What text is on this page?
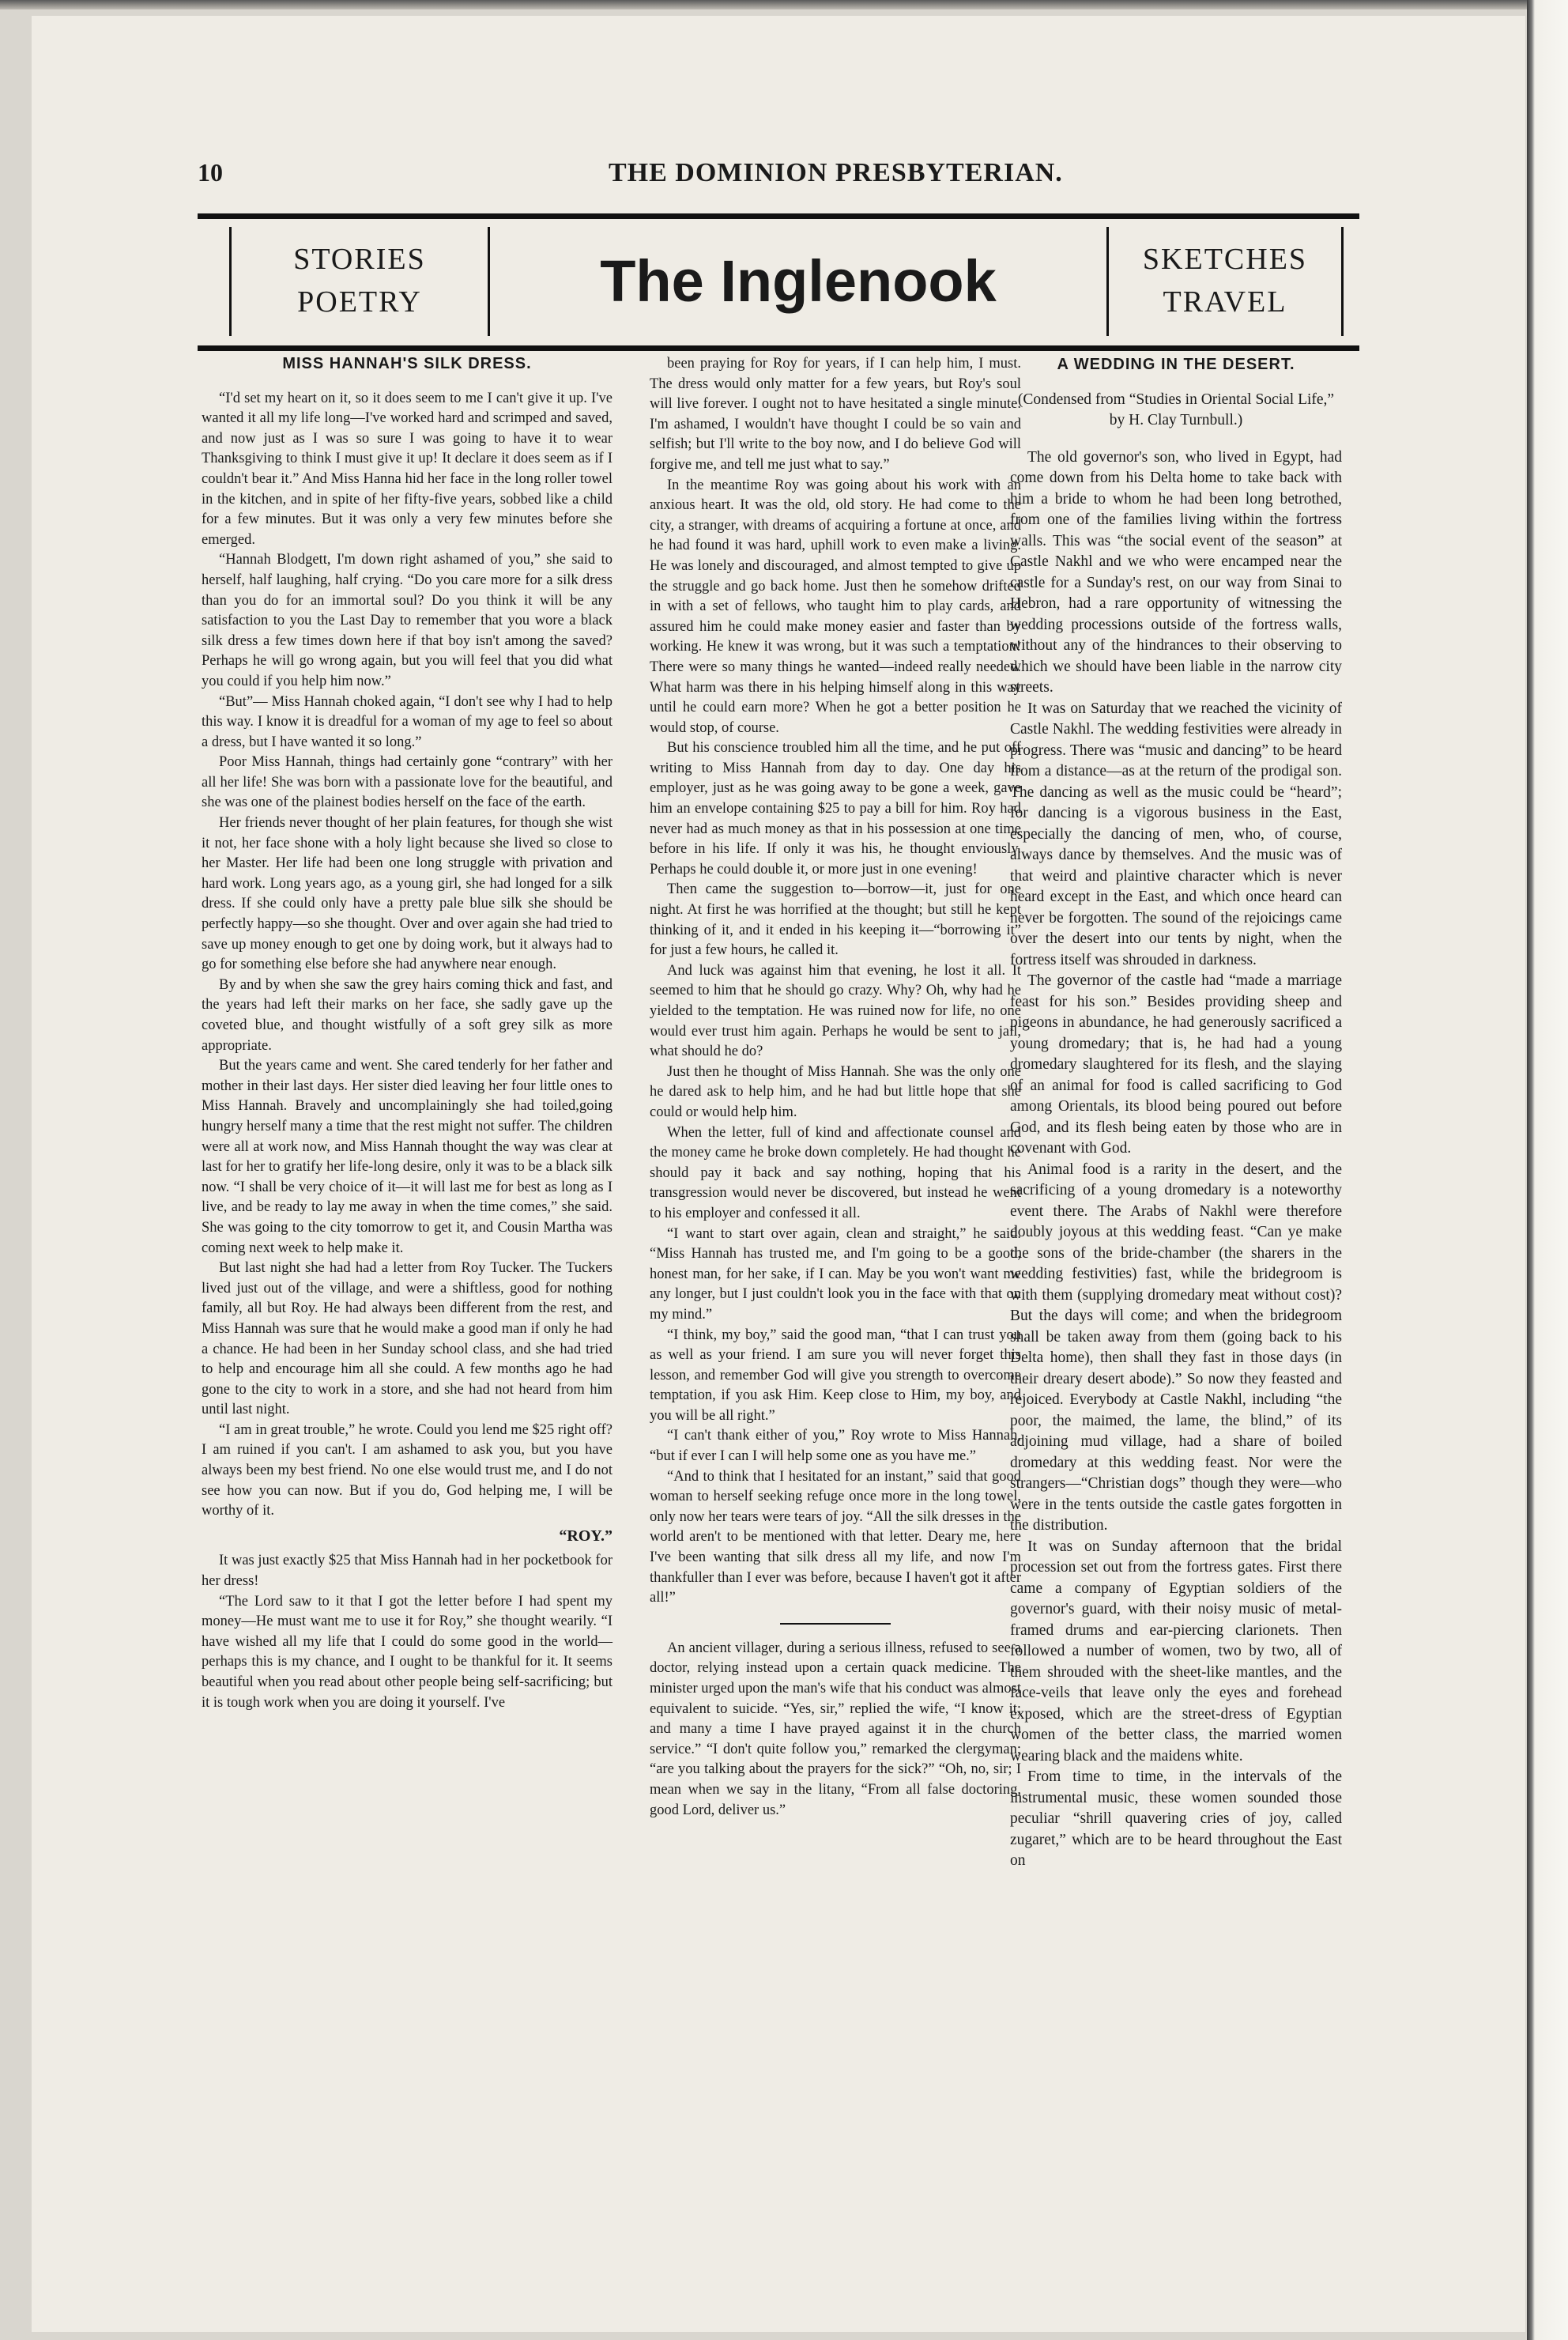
10	THE DOMINION PRESBYTERIAN.
STORIES
POETRY	The Inglenook	SKETCHES
TRAVEL
MISS HANNAH'S SILK DRESS.

“I'd set my heart on it, so it does seem to me I can't give it up. I've wanted it all my life long—I've worked hard and scrimped and saved, and now just as I was so sure I was going to have it to wear Thanksgiving to think I must give it up! It declare it does seem as if I couldn't bear it.” And Miss Hanna hid her face in the long roller towel in the kitchen, and in spite of her fifty-five years, sobbed like a child for a few minutes. But it was only a very few minutes before she emerged.

“Hannah Blodgett, I'm down right ashamed of you,” she said to herself, half laughing, half crying. “Do you care more for a silk dress than you do for an immortal soul? Do you think it will be any satisfaction to you the Last Day to remember that you wore a black silk dress a few times down here if that boy isn't among the saved? Perhaps he will go wrong again, but you will feel that you did what you could if you help him now.”

“But”— Miss Hannah choked again, “I don't see why I had to help this way. I know it is dreadful for a woman of my age to feel so about a dress, but I have wanted it so long.”

Poor Miss Hannah, things had certainly gone “contrary” with her all her life! She was born with a passionate love for the beautiful, and she was one of the plainest bodies herself on the face of the earth.

Her friends never thought of her plain features, for though she wist it not, her face shone with a holy light because she lived so close to her Master. Her life had been one long struggle with privation and hard work. Long years ago, as a young girl, she had longed for a silk dress. If she could only have a pretty pale blue silk she should be perfectly happy—so she thought. Over and over again she had tried to save up money enough to get one by doing work, but it always had to go for something else before she had anywhere near enough.

By and by when she saw the grey hairs coming thick and fast, and the years had left their marks on her face, she sadly gave up the coveted blue, and thought wistfully of a soft grey silk as more appropriate.

But the years came and went. She cared tenderly for her father and mother in their last days. Her sister died leaving her four little ones to Miss Hannah. Bravely and uncomplainingly she had toiled,going hungry herself many a time that the rest might not suffer. The children were all at work now, and Miss Hannah thought the way was clear at last for her to gratify her life-long desire, only it was to be a black silk now. “I shall be very choice of it—it will last me for best as long as I live, and be ready to lay me away in when the time comes,” she said. She was going to the city tomorrow to get it, and Cousin Martha was coming next week to help make it.

But last night she had had a letter from Roy Tucker. The Tuckers lived just out of the village, and were a shiftless, good for nothing family, all but Roy. He had always been different from the rest, and Miss Hannah was sure that he would make a good man if only he had a chance. He had been in her Sunday school class, and she had tried to help and encourage him all she could. A few months ago he had gone to the city to work in a store, and she had not heard from him until last night.

“I am in great trouble,” he wrote. Could you lend me $25 right off? I am ruined if you can't. I am ashamed to ask you, but you have always been my best friend. No one else would trust me, and I do not see how you can now. But if you do, God helping me, I will be worthy of it.

“ROY.”

It was just exactly $25 that Miss Hannah had in her pocketbook for her dress!

“The Lord saw to it that I got the letter before I had spent my money—He must want me to use it for Roy,” she thought wearily. “I have wished all my life that I could do some good in the world—perhaps this is my chance, and I ought to be thankful for it. It seems beautiful when you read about other people being self-sacrificing; but it is tough work when you are doing it yourself. I've

been praying for Roy for years, if I can help him, I must. The dress would only matter for a few years, but Roy's soul will live forever. I ought not to have hesitated a single minute. I'm ashamed, I wouldn't have thought I could be so vain and selfish; but I'll write to the boy now, and I do believe God will forgive me, and tell me just what to say.”

In the meantime Roy was going about his work with an anxious heart. It was the old, old story. He had come to the city, a stranger, with dreams of acquiring a fortune at once, and he had found it was hard, uphill work to even make a living. He was lonely and discouraged, and almost tempted to give up the struggle and go back home. Just then he somehow drifted in with a set of fellows, who taught him to play cards, and assured him he could make money easier and faster than by working. He knew it was wrong, but it was such a temptation! There were so many things he wanted—indeed really needed. What harm was there in his helping himself along in this way until he could earn more? When he got a better position he would stop, of course.

But his conscience troubled him all the time, and he put off writing to Miss Hannah from day to day. One day his employer, just as he was going away to be gone a week, gave him an envelope containing $25 to pay a bill for him. Roy had never had as much money as that in his possession at one time before in his life. If only it was his, he thought enviously. Perhaps he could double it, or more just in one evening!

Then came the suggestion to—borrow—it, just for one night. At first he was horrified at the thought; but still he kept thinking of it, and it ended in his keeping it—“borrowing it” for just a few hours, he called it.

And luck was against him that evening, he lost it all. It seemed to him that he should go crazy. Why? Oh, why had he yielded to the temptation. He was ruined now for life, no one would ever trust him again. Perhaps he would be sent to jail, what should he do?

Just then he thought of Miss Hannah. She was the only one he dared ask to help him, and he had but little hope that she could or would help him.

When the letter, full of kind and affectionate counsel and the money came he broke down completely. He had thought he should pay it back and say nothing, hoping that his transgression would never be discovered, but instead he went to his employer and confessed it all.

“I want to start over again, clean and straight,” he said. “Miss Hannah has trusted me, and I'm going to be a good, honest man, for her sake, if I can. May be you won't want me any longer, but I just couldn't look you in the face with that on my mind.”

“I think, my boy,” said the good man, “that I can trust you as well as your friend. I am sure you will never forget this lesson, and remember God will give you strength to overcome temptation, if you ask Him. Keep close to Him, my boy, and you will be all right.”

“I can't thank either of you,” Roy wrote to Miss Hannah, “but if ever I can I will help some one as you have me.”

“And to think that I hesitated for an instant,” said that good woman to herself seeking refuge once more in the long towel, only now her tears were tears of joy. “All the silk dresses in the world aren't to be mentioned with that letter. Deary me, here I've been wanting that silk dress all my life, and now I'm thankfuller than I ever was before, because I haven't got it after all!”

An ancient villager, during a serious illness, refused to see a doctor, relying instead upon a certain quack medicine. The minister urged upon the man's wife that his conduct was almost equivalent to suicide. “Yes, sir,” replied the wife, “I know it; and many a time I have prayed against it in the church service.” “I don't quite follow you,” remarked the clergyman; “are you talking about the prayers for the sick?” “Oh, no, sir; I mean when we say in the litany, “From all false doctoring, good Lord, deliver us.”

A WEDDING IN THE DESERT.

(Condensed from “Studies in Oriental Social Life,” by H. Clay Turnbull.)

The old governor's son, who lived in Egypt, had come down from his Delta home to take back with him a bride to whom he had been long betrothed, from one of the families living within the fortress walls. This was “the social event of the season” at Castle Nakhl and we who were encamped near the castle for a Sunday's rest, on our way from Sinai to Hebron, had a rare opportunity of witnessing the wedding processions outside of the fortress walls, without any of the hindrances to their observing to which we should have been liable in the narrow city streets.

It was on Saturday that we reached the vicinity of Castle Nakhl. The wedding festivities were already in progress. There was “music and dancing” to be heard from a distance—as at the return of the prodigal son. The dancing as well as the music could be “heard”; for dancing is a vigorous business in the East, especially the dancing of men, who, of course, always dance by themselves. And the music was of that weird and plaintive character which is never heard except in the East, and which once heard can never be forgotten. The sound of the rejoicings came over the desert into our tents by night, when the fortress itself was shrouded in darkness.

The governor of the castle had “made a marriage feast for his son.” Besides providing sheep and pigeons in abundance, he had generously sacrificed a young dromedary; that is, he had had a young dromedary slaughtered for its flesh, and the slaying of an animal for food is called sacrificing to God among Orientals, its blood being poured out before God, and its flesh being eaten by those who are in covenant with God.

Animal food is a rarity in the desert, and the sacrificing of a young dromedary is a noteworthy event there. The Arabs of Nakhl were therefore doubly joyous at this wedding feast. “Can ye make the sons of the bride-chamber (the sharers in the wedding festivities) fast, while the bridegroom is with them (supplying dromedary meat without cost)? But the days will come; and when the bridegroom shall be taken away from them (going back to his Delta home), then shall they fast in those days (in their dreary desert abode).” So now they feasted and rejoiced. Everybody at Castle Nakhl, including “the poor, the maimed, the lame, the blind,” of its adjoining mud village, had a share of boiled dromedary at this wedding feast. Nor were the strangers—“Christian dogs” though they were—who were in the tents outside the castle gates forgotten in the distribution.

It was on Sunday afternoon that the bridal procession set out from the fortress gates. First there came a company of Egyptian soldiers of the governor's guard, with their noisy music of metal-framed drums and ear-piercing clarionets. Then followed a number of women, two by two, all of them shrouded with the sheet-like mantles, and the face-veils that leave only the eyes and forehead exposed, which are the street-dress of Egyptian women of the better class, the married women wearing black and the maidens white.

From time to time, in the intervals of the instrumental music, these women sounded those peculiar “shrill quavering cries of joy, called zugaret,” which are to be heard throughout the East on
